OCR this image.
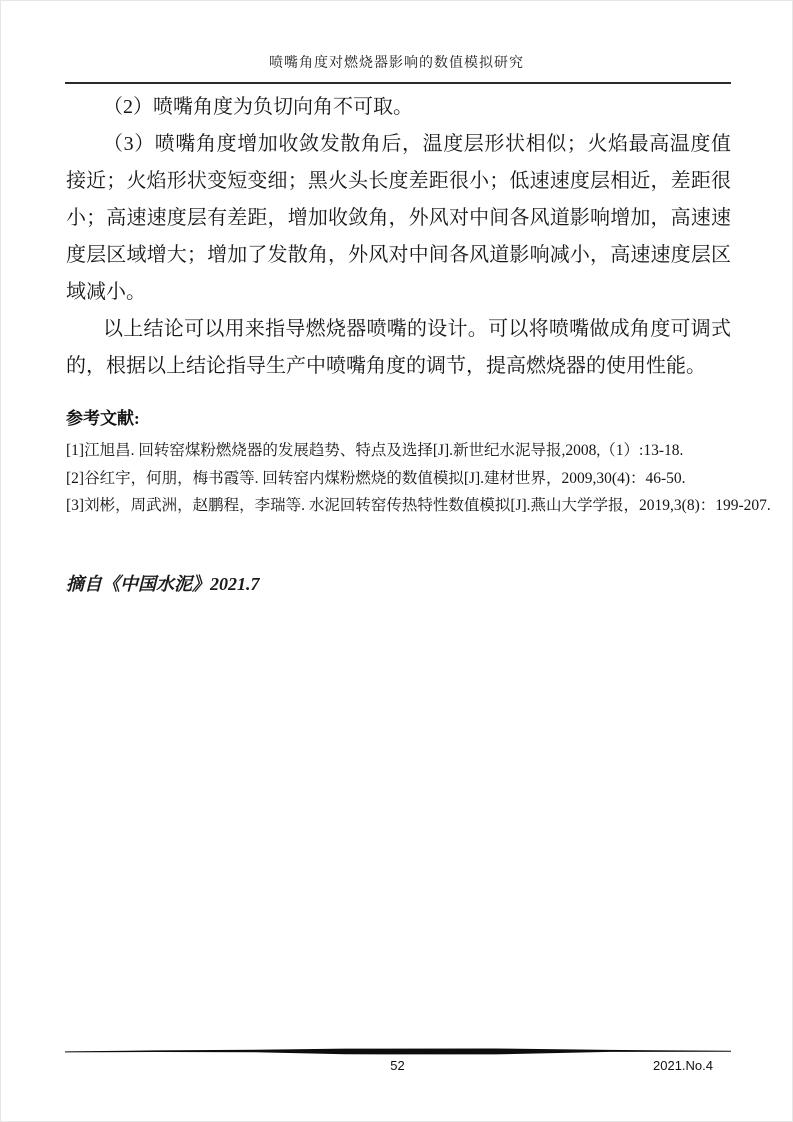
喷嘴角度对燃烧器影响的数值模拟研究

（2）喷嘴角度为负切向角不可取。

（3）喷嘴角度增加收敛发散角后，温度层形状相似；火焰最高温度值接近；火焰形状变短变细；黑火头长度差距很小；低速速度层相近，差距很小；高速速度层有差距，增加收敛角，外风对中间各风道影响增加，高速速度层区域增大；增加了发散角，外风对中间各风道影响减小，高速速度层区域减小。

以上结论可以用来指导燃烧器喷嘴的设计。可以将喷嘴做成角度可调式的，根据以上结论指导生产中喷嘴角度的调节，提高燃烧器的使用性能。

参考文献:

[1]江旭昌. 回转窑煤粉燃烧器的发展趋势、特点及选择[J].新世纪水泥导报,2008,（1）:13-18.

[2]谷红宇，何朋，梅书霞等. 回转窑内煤粉燃烧的数值模拟[J].建材世界，2009,30(4)：46-50.

[3]刘彬，周武洲，赵鹏程，李瑞等. 水泥回转窑传热特性数值模拟[J].燕山大学学报，2019,3(8)：199-207.

摘自《中国水泥》2021.7

52	2021.No.4
